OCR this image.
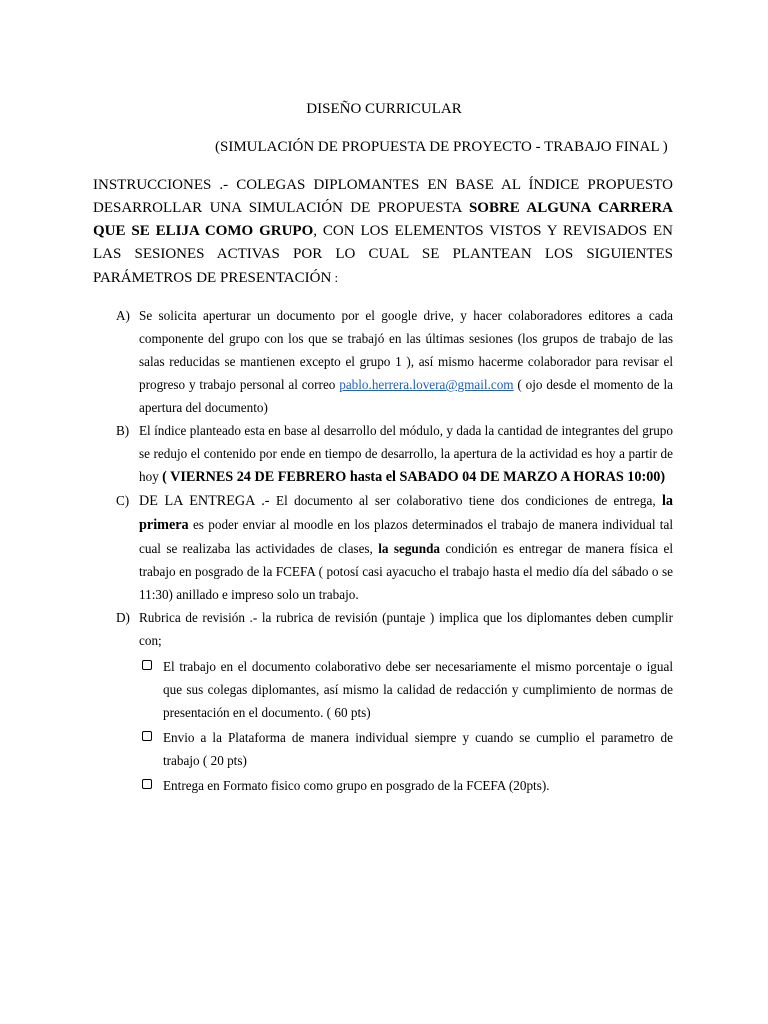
DISEÑO CURRICULAR
(SIMULACIÓN DE PROPUESTA DE PROYECTO - TRABAJO FINAL )
INSTRUCCIONES .- COLEGAS DIPLOMANTES EN BASE AL ÍNDICE PROPUESTO DESARROLLAR UNA SIMULACIÓN DE PROPUESTA SOBRE ALGUNA CARRERA QUE SE ELIJA COMO GRUPO, CON LOS ELEMENTOS VISTOS Y REVISADOS EN LAS SESIONES ACTIVAS POR LO CUAL SE PLANTEAN LOS SIGUIENTES PARÁMETROS DE PRESENTACIÓN :
A) Se solicita aperturar un documento por el google drive, y hacer colaboradores editores a cada componente del grupo con los que se trabajó en las últimas sesiones (los grupos de trabajo de las salas reducidas se mantienen excepto el grupo 1 ), así mismo hacerme colaborador para revisar el progreso y trabajo personal al correo pablo.herrera.lovera@gmail.com ( ojo desde el momento de la apertura del documento)
B) El índice planteado esta en base al desarrollo del módulo, y dada la cantidad de integrantes del grupo se redujo el contenido por ende en tiempo de desarrollo, la apertura de la actividad es hoy a partir de hoy ( VIERNES 24 DE FEBRERO hasta el SABADO 04 DE MARZO A HORAS 10:00)
C) DE LA ENTREGA .- El documento al ser colaborativo tiene dos condiciones de entrega, la primera es poder enviar al moodle en los plazos determinados el trabajo de manera individual tal cual se realizaba las actividades de clases, la segunda condición es entregar de manera física el trabajo en posgrado de la FCEFA ( potosí casi ayacucho el trabajo hasta el medio día del sábado o se 11:30) anillado e impreso solo un trabajo.
D) Rubrica de revisión .- la rubrica de revisión (puntaje ) implica que los diplomantes deben cumplir con;
El trabajo en el documento colaborativo debe ser necesariamente el mismo porcentaje o igual que sus colegas diplomantes, así mismo la calidad de redacción y cumplimiento de normas de presentación en el documento. ( 60 pts)
Envio a la Plataforma de manera individual siempre y cuando se cumplio el parametro de trabajo ( 20 pts)
Entrega en Formato fisico como grupo en posgrado de la FCEFA (20pts).
